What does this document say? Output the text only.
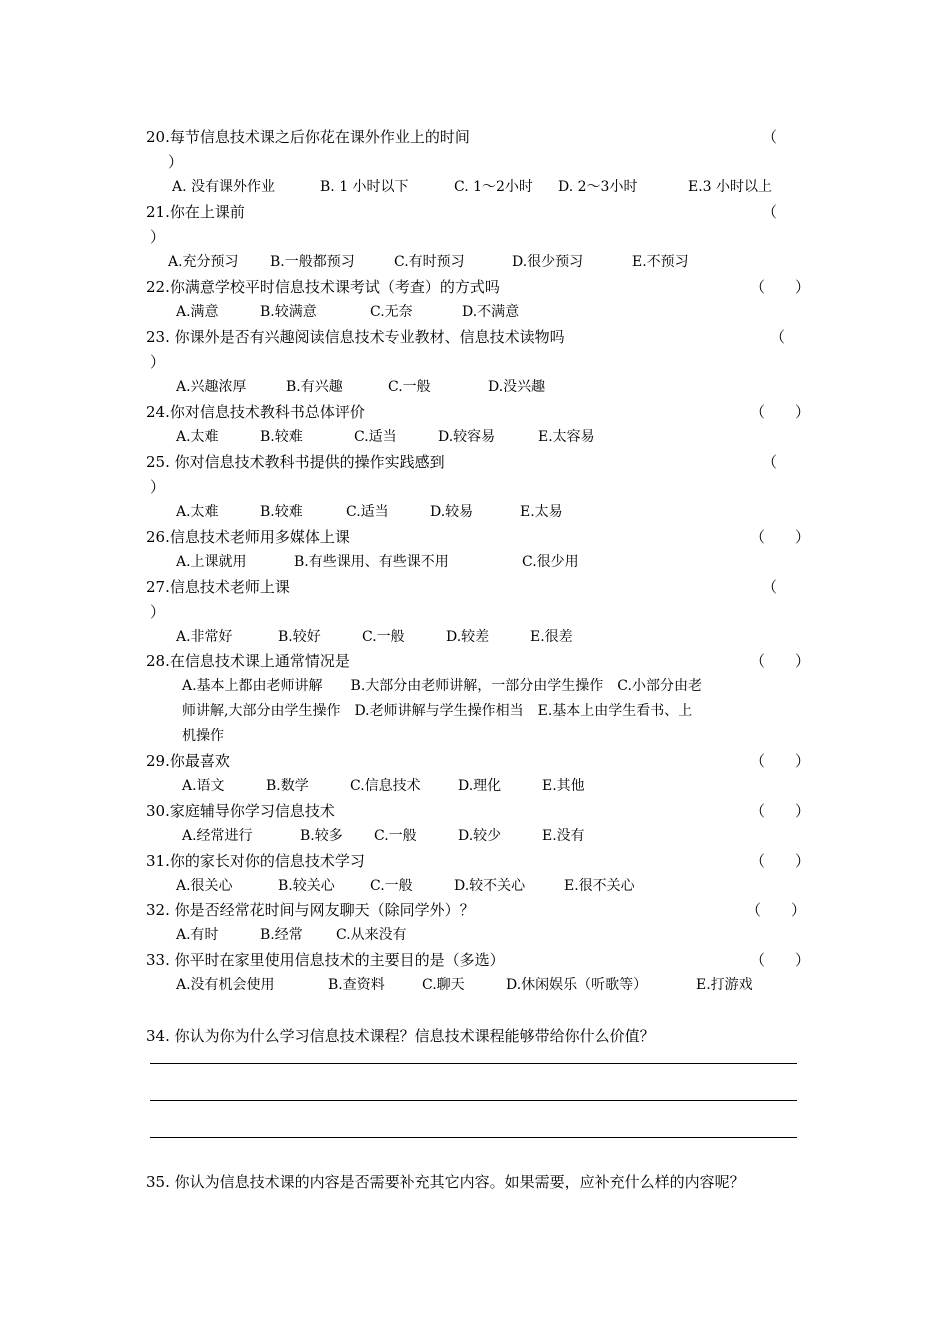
20.每节信息技术课之后你花在课外作业上的时间	（
）
A. 没有课外作业	B. 1 小时以下	C. 1～2小时 D. 2～3小时	E.3 小时以上
21.你在上课前	（
）
A.充分预习 B.一般都预习	C.有时预习	D.很少预习	E.不预习
22.你满意学校平时信息技术课考试（考查）的方式吗	（　　）
A.满意	B.较满意	C.无奈	D.不满意
23. 你课外是否有兴趣阅读信息技术专业教材、信息技术读物吗	（
）
A.兴趣浓厚	B.有兴趣	C.一般	D.没兴趣
24.你对信息技术教科书总体评价	（　　）
A.太难	B.较难	C.适当	D.较容易	E.太容易
25. 你对信息技术教科书提供的操作实践感到	（
）
A.太难	B.较难	C.适当	D.较易	E.太易
26.信息技术老师用多媒体上课	（　　）
A.上课就用	B.有些课用、有些课不用	C.很少用
27.信息技术老师上课	（
）
A.非常好	B.较好	C.一般	D.较差	E.很差
28.在信息技术课上通常情况是	（　　）
A.基本上都由老师讲解　　B.大部分由老师讲解，一部分由学生操作　C.小部分由老
师讲解,大部分由学生操作　D.老师讲解与学生操作相当　E.基本上由学生看书、上
机操作
29.你最喜欢	（　　）
A.语文	B.数学	C.信息技术	D.理化	E.其他
30.家庭辅导你学习信息技术	（　　）
A.经常进行	B.较多 C.一般	D.较少	E.没有
31.你的家长对你的信息技术学习	（　　）
A.很关心	B.较关心	C.一般	D.较不关心	E.很不关心
32. 你是否经常花时间与网友聊天（除同学外）？	（　　）
A.有时	B.经常 C.从来没有
33. 你平时在家里使用信息技术的主要目的是（多选）	（　　）
A.没有机会使用	B.查资料	C.聊天	D.休闲娱乐（听歌等）	E.打游戏
34. 你认为你为什么学习信息技术课程？信息技术课程能够带给你什么价值？
35. 你认为信息技术课的内容是否需要补充其它内容。如果需要，应补充什么样的内容呢？
